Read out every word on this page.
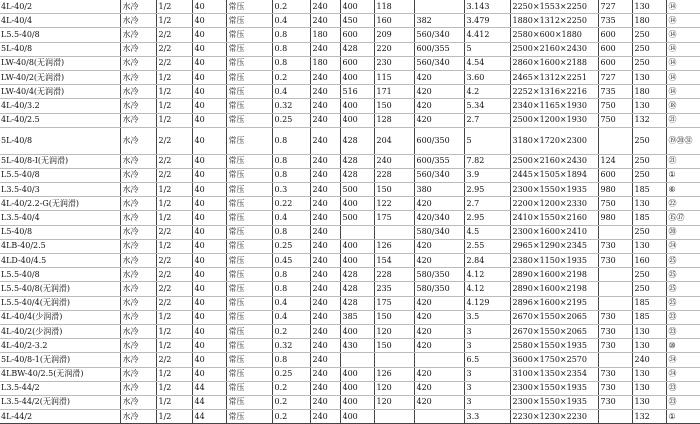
4L-40/2	水冷	1/2	40	常压	0.2	240	400	118		3.143	2250×1553×2250	727	130	⑭
4L-40/4	水冷	1/2	40	常压	0.4	240	450	160	382	3.479	1880×1312×2250	735	180	⑭
L5.5-40/8	水冷	2/2	40	常压	0.8	180	600	209	560/340	4.412	2580×600×1880	600	250	⑭
5L-40/8	水冷	2/2	40	常压	0.8	240	428	220	600/355	5	2500×2160×2430	600	250	⑭
LW-40/8(无润滑)	水冷	2/2	40	常压	0.8	180	600	230	560/340	4.54	2860×1600×2188	600	250	⑭
LW-40/2(无润滑)	水冷	1/2	40	常压	0.2	240	400	115	420	3.60	2465×1312×2251	727	130	⑭
LW-40/4(无润滑)	水冷	1/2	40	常压	0.4	240	516	171	420	4.2	2252×1316×2216	735	180	⑭
4L-40/3.2	水冷	1/2	40	常压	0.32	240	400	150	420	5.34	2340×1165×1930	750	130	⑱
4L-40/2.5	水冷	1/2	40	常压	0.25	240	400	128	420	2.7	2500×1200×1930	750	132	㉑
5L-40/8	水冷	2/2	40	常压	0.8	240	428	204	600/350	5	3180×1720×2300		250	⑲⑳㉛
5L-40/8-Ⅰ(无润滑)	水冷	2/2	40	常压	0.8	240	428	240	600/355	7.82	2500×2160×2430	124	250	㉑
L5.5-40/8	水冷	2/2	40	常压	0.8	240	428	228	560/340	3.9	2445×1505×1894	600	250	①
L3.5-40/3	水冷	1/2	40	常压	0.3	240	500	150	380	2.95	2300×1550×1935	980	185	⑥
4L-40/2.2-G(无润滑)	水冷	1/2	40	常压	0.22	240	400	122	420	2.7	2200×1200×2330	750	130	㉒
L3.5-40/4	水冷	1/2	40	常压	0.4	240	500	175	420/340	2.95	2410×1550×2160	980	185	⑮⑰
L5-40/8	水冷	2/2	40	常压	0.8	240			580/340	4.5	2300×1600×2410		250	⑳
4LB-40/2.5	水冷	1/2	40	常压	0.25	240	400	126	420	2.55	2965×1290×2345	730	130	㉔
4LD-40/4.5	水冷	2/2	40	常压	0.45	240	400	154	420	2.84	2380×1150×1935	730	160	㉕
L5.5-40/8	水冷	2/2	40	常压	0.8	240	428	228	580/350	4.12	2890×1600×2198		250	㉕
L5.5-40/8(无润滑)	水冷	2/2	40	常压	0.8	240	428	235	580/350	4.12	2890×1600×2198		250	㉕
L5.5-40/4(无润滑)	水冷	2/2	40	常压	0.4	240	428	175	420	4.129	2896×1600×2195		185	㉕
4L-40/4(少润滑)	水冷	1/2	40	常压	0.4	240	385	150	420	3.5	2670×1550×2065	730	185	㉓
4L-40/2(少润滑)	水冷	1/2	40	常压	0.2	240	400	120	420	3	2670×1550×2065	730	130	㉓
4L-40/2-3.2	水冷	1/2	40	常压	0.32	240	430	150	420	3	2580×1550×1935	730	130	⑩
5L-40/8-1(无润滑)	水冷	2/2	40	常压	0.8	240				6.5	3600×1750×2570		240	㉔
4LBW-40/2.5(无润滑)	水冷	1/2	40	常压	0.25	240	400	126	420	3	3100×1350×2354	730	130	㉔
L3.5-44/2	水冷	1/2	44	常压	0.2	240	400	120	420	3	2300×1550×1935	730	130	㉓
L3.5-44/2(无润滑)	水冷	1/2	44	常压	0.2	240	400	120	420	3	2300×1550×1935	730	130	㉓
4L-44/2	水冷	1/2	44	常压	0.2	240	400			3.3	2230×1230×2230		132	①
